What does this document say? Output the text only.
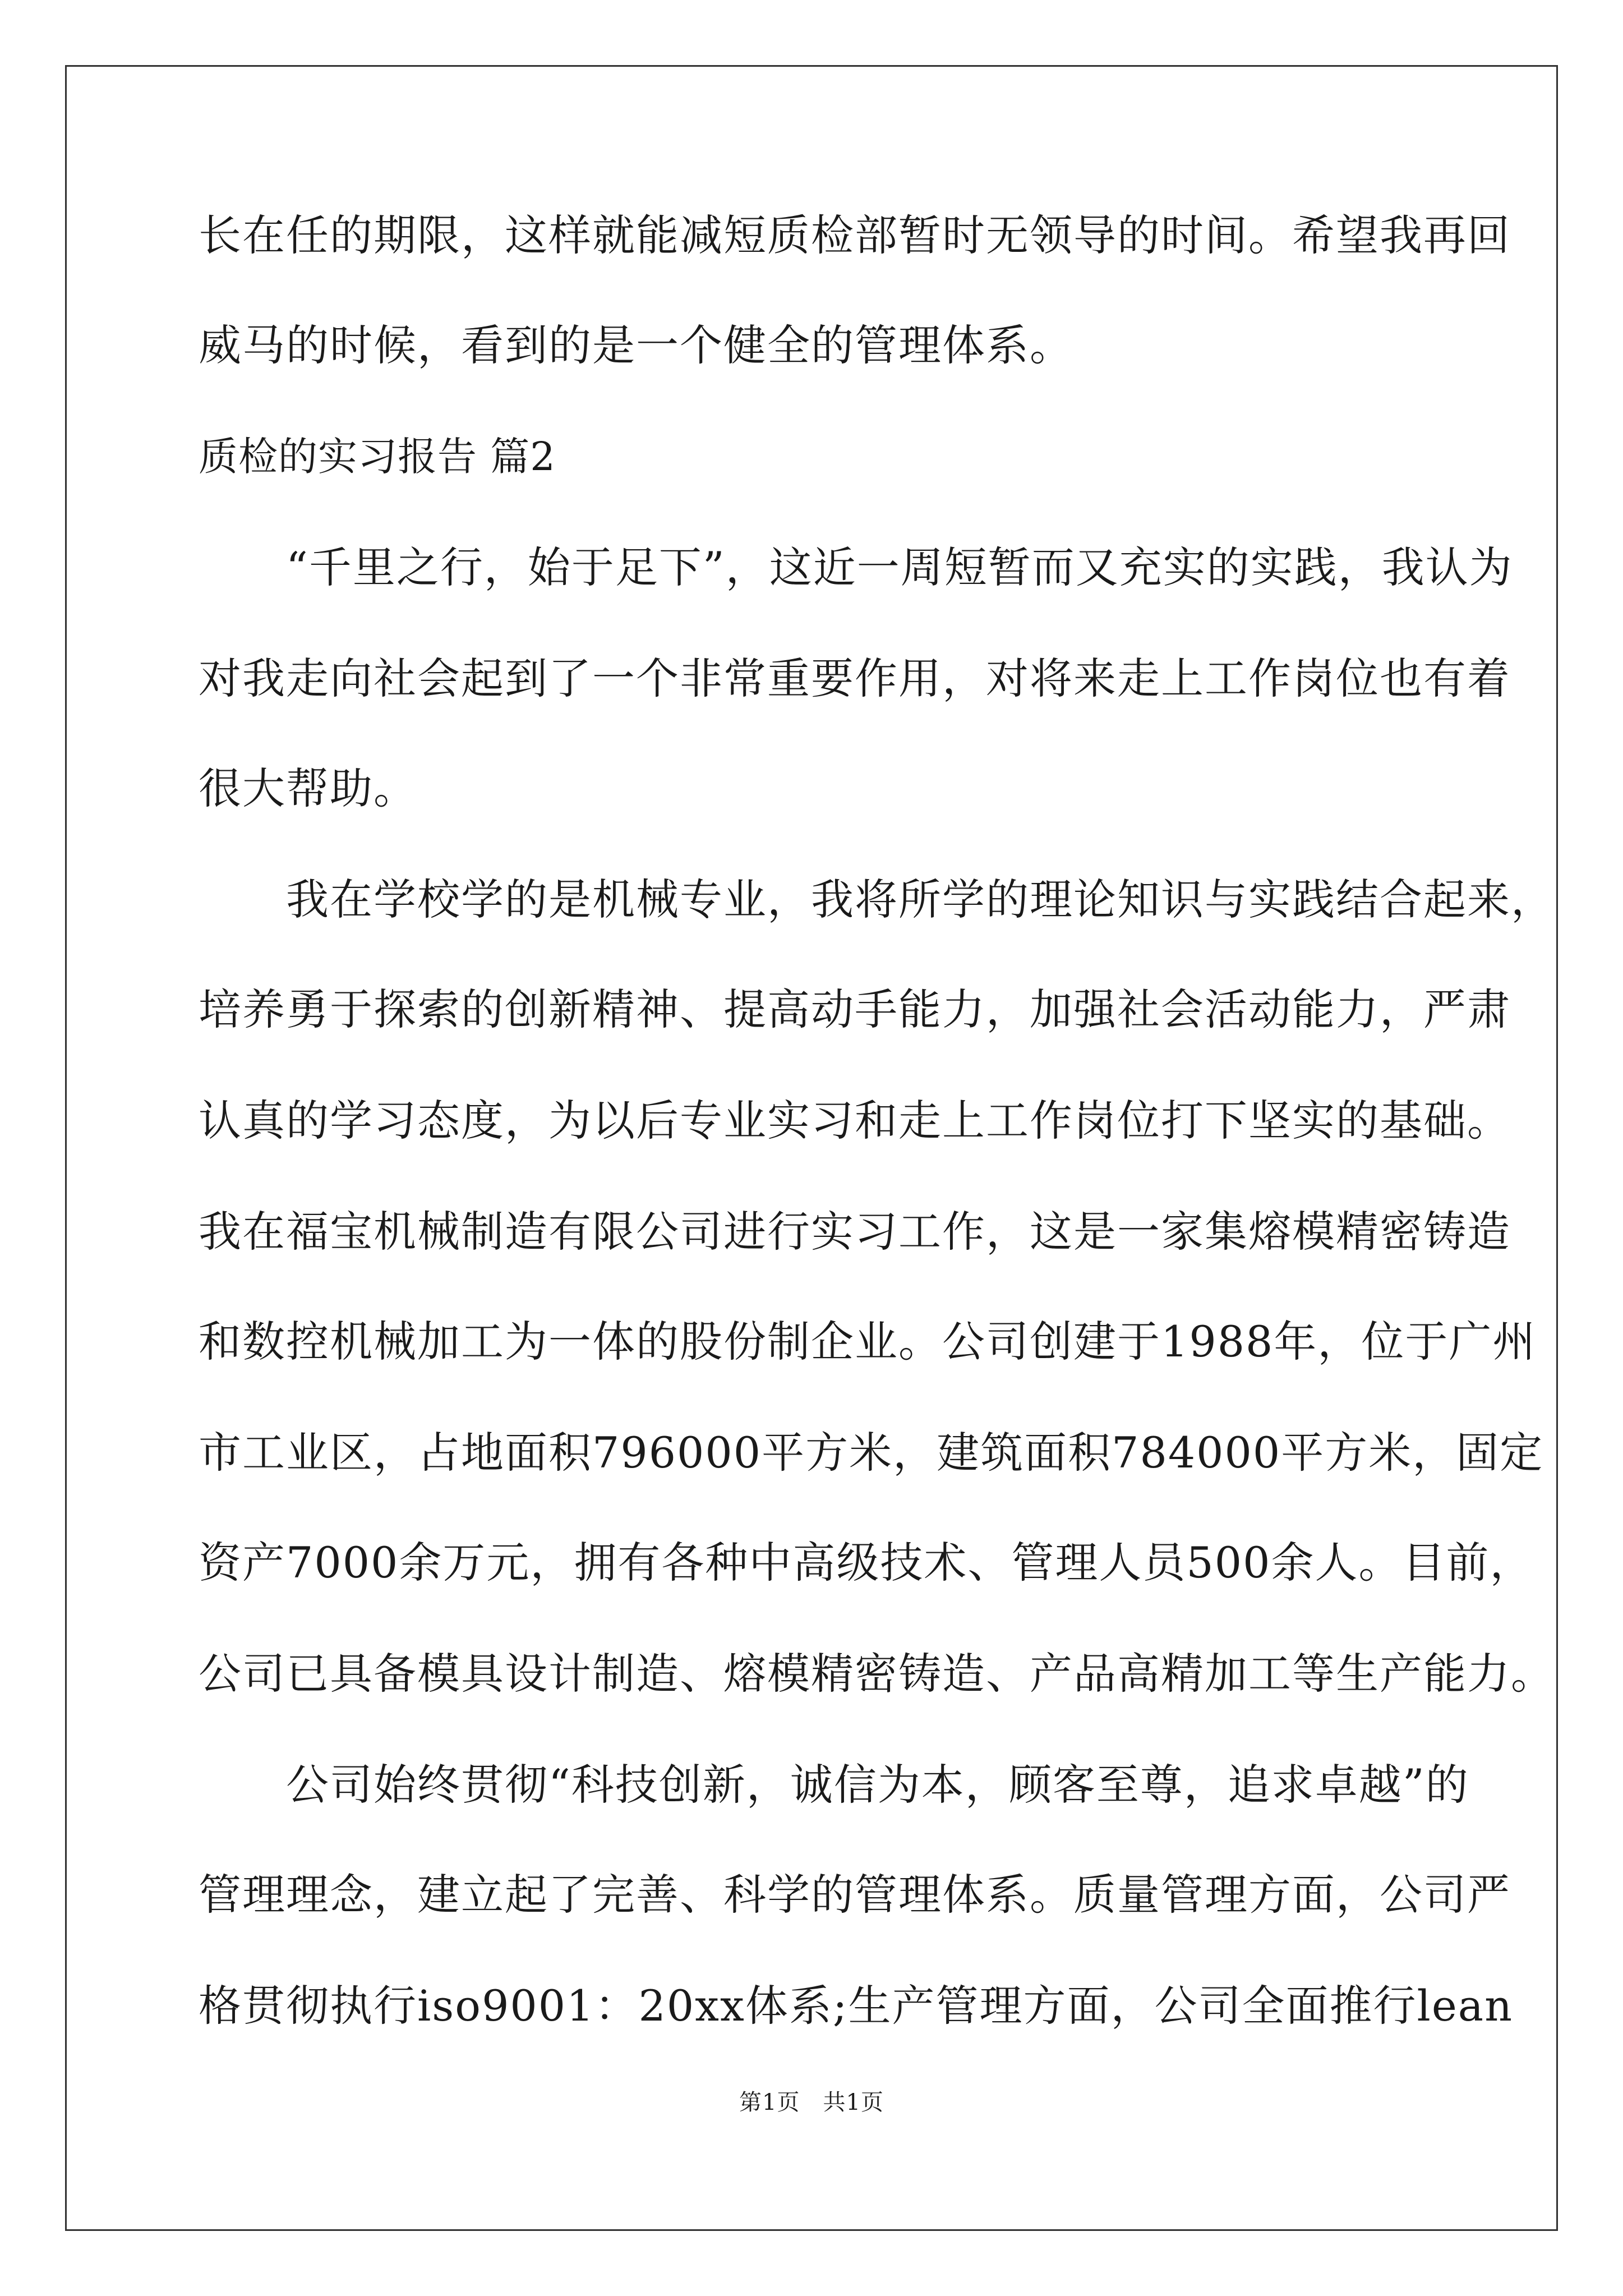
长在任的期限，这样就能减短质检部暂时无领导的时间。希望我再回
威马的时候，看到的是一个健全的管理体系。
质检的实习报告 篇2
　　“千里之行，始于足下”，这近一周短暂而又充实的实践，我认为
对我走向社会起到了一个非常重要作用，对将来走上工作岗位也有着
很大帮助。
　　我在学校学的是机械专业，我将所学的理论知识与实践结合起来，
培养勇于探索的创新精神、提高动手能力，加强社会活动能力，严肃
认真的学习态度，为以后专业实习和走上工作岗位打下坚实的基础。
我在福宝机械制造有限公司进行实习工作，这是一家集熔模精密铸造
和数控机械加工为一体的股份制企业。公司创建于1988年，位于广州
市工业区，占地面积796000平方米，建筑面积784000平方米，固定
资产7000余万元，拥有各种中高级技术、管理人员500余人。目前，
公司已具备模具设计制造、熔模精密铸造、产品高精加工等生产能力。
　　公司始终贯彻“科技创新，诚信为本，顾客至尊，追求卓越”的
管理理念，建立起了完善、科学的管理体系。质量管理方面，公司严
格贯彻执行iso9001：20xx体系;生产管理方面，公司全面推行lean
第1页　共1页
